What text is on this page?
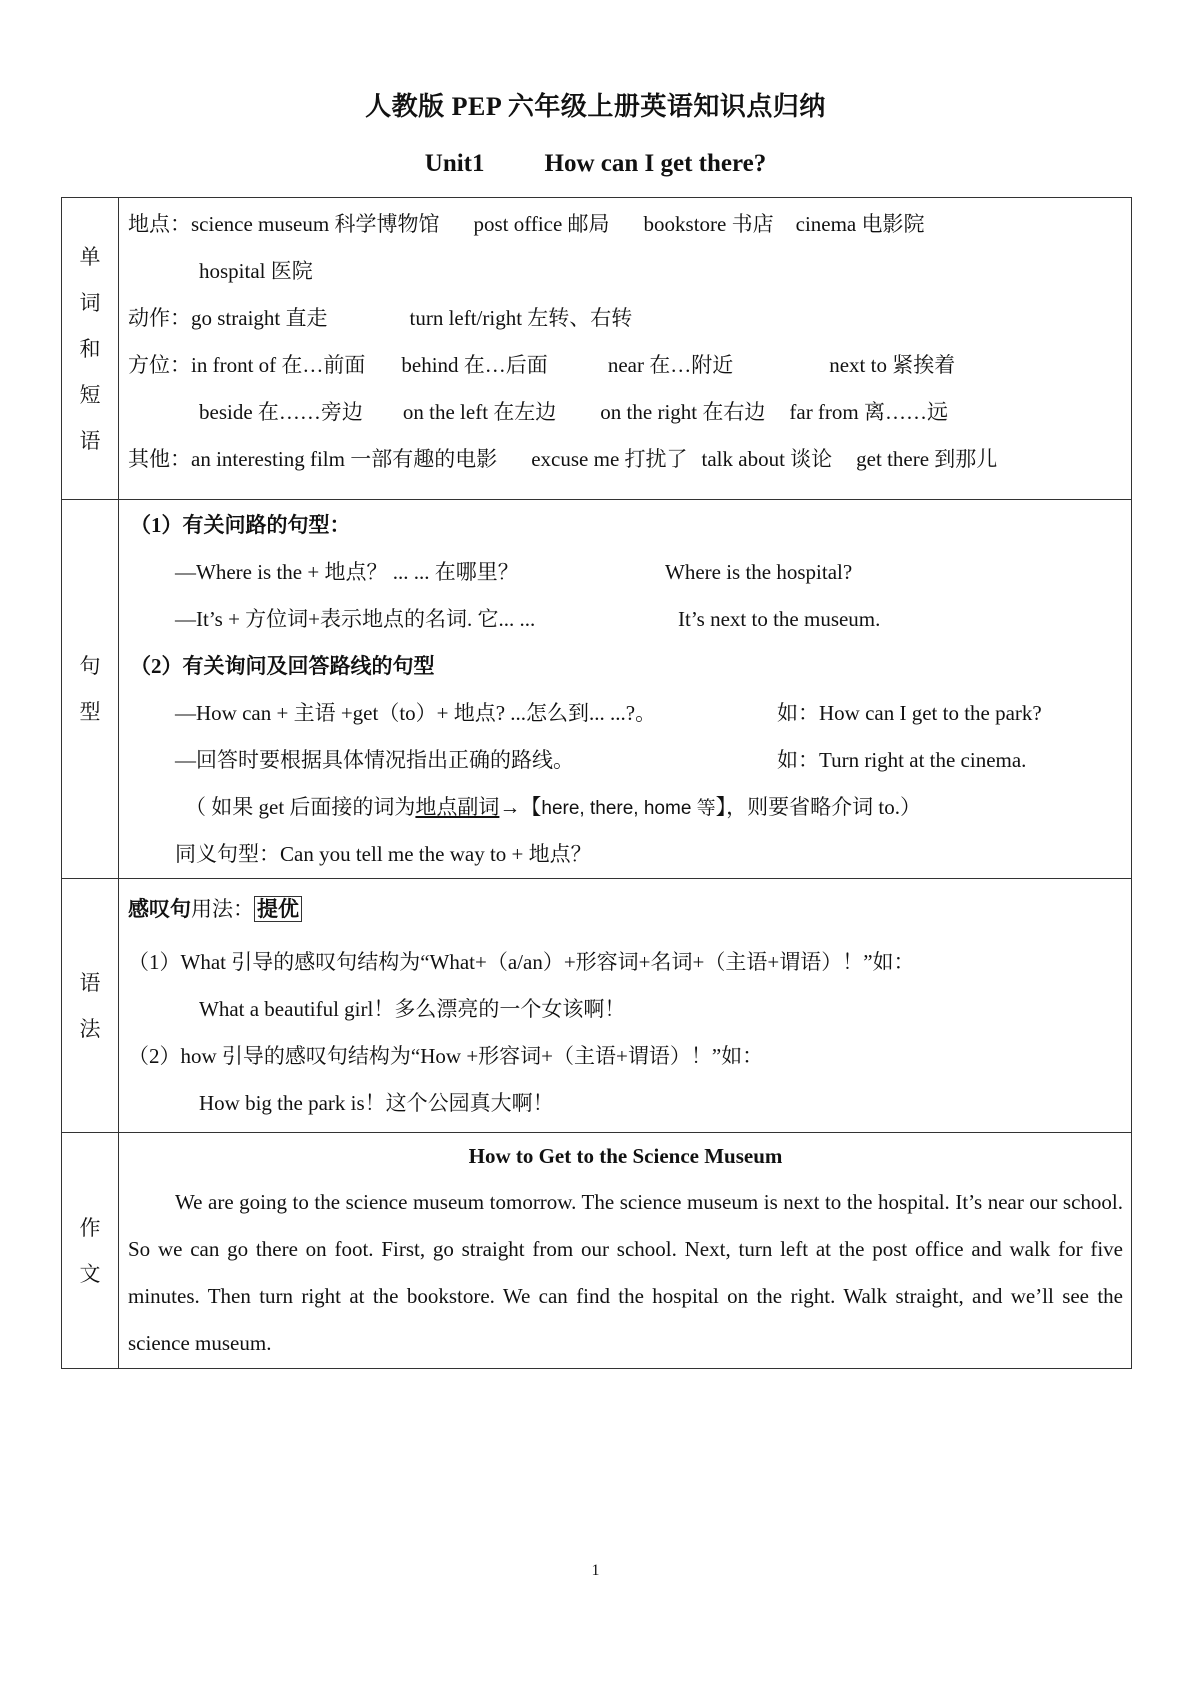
人教版 PEP 六年级上册英语知识点归纳
Unit1 How can I get there?
单
词
和
短
语

地点：science museum 科学博物馆 post office 邮局 bookstore 书店 cinema 电影院
hospital 医院
动作：go straight 直走	turn left/right 左转、右转
方位：in front of 在…前面 behind 在…后面	near 在…附近	next to 紧挨着
beside 在……旁边 on the left 在左边 on the right 在右边 far from 离……远
其他：an interesting film 一部有趣的电影 excuse me 打扰了 talk about 谈论 get there 到那儿

句
型

（1）有关问路的句型：
—Where is the + 地点？ ... ... 在哪里？	Where is the hospital?
—It’s + 方位词+表示地点的名词. 它... ...	It’s next to the museum.
（2）有关询问及回答路线的句型
—How can + 主语 +get（to）+ 地点? ...怎么到... ...?。	如：How can I get to the park?
—回答时要根据具体情况指出正确的路线。	如：Turn right at the cinema.
（ 如果 get 后面接的词为地点副词→【here, there, home 等】，则要省略介词 to.）
同义句型：Can you tell me the way to + 地点？

语
法

感叹句用法： 提优
（1）What 引导的感叹句结构为“What+（a/an）+形容词+名词+（主语+谓语）！”如：
What a beautiful girl！多么漂亮的一个女该啊！
（2）how 引导的感叹句结构为“How +形容词+（主语+谓语）！”如：
How big the park is！这个公园真大啊！

作
文

How to Get to the Science Museum

We are going to the science museum tomorrow. The science museum is next to the hospital. It’s near our school. So we can go there on foot. First, go straight from our school. Next, turn left at the post office and walk for five minutes. Then turn right at the bookstore. We can find the hospital on the right. Walk straight, and we’ll see the science museum.

1
